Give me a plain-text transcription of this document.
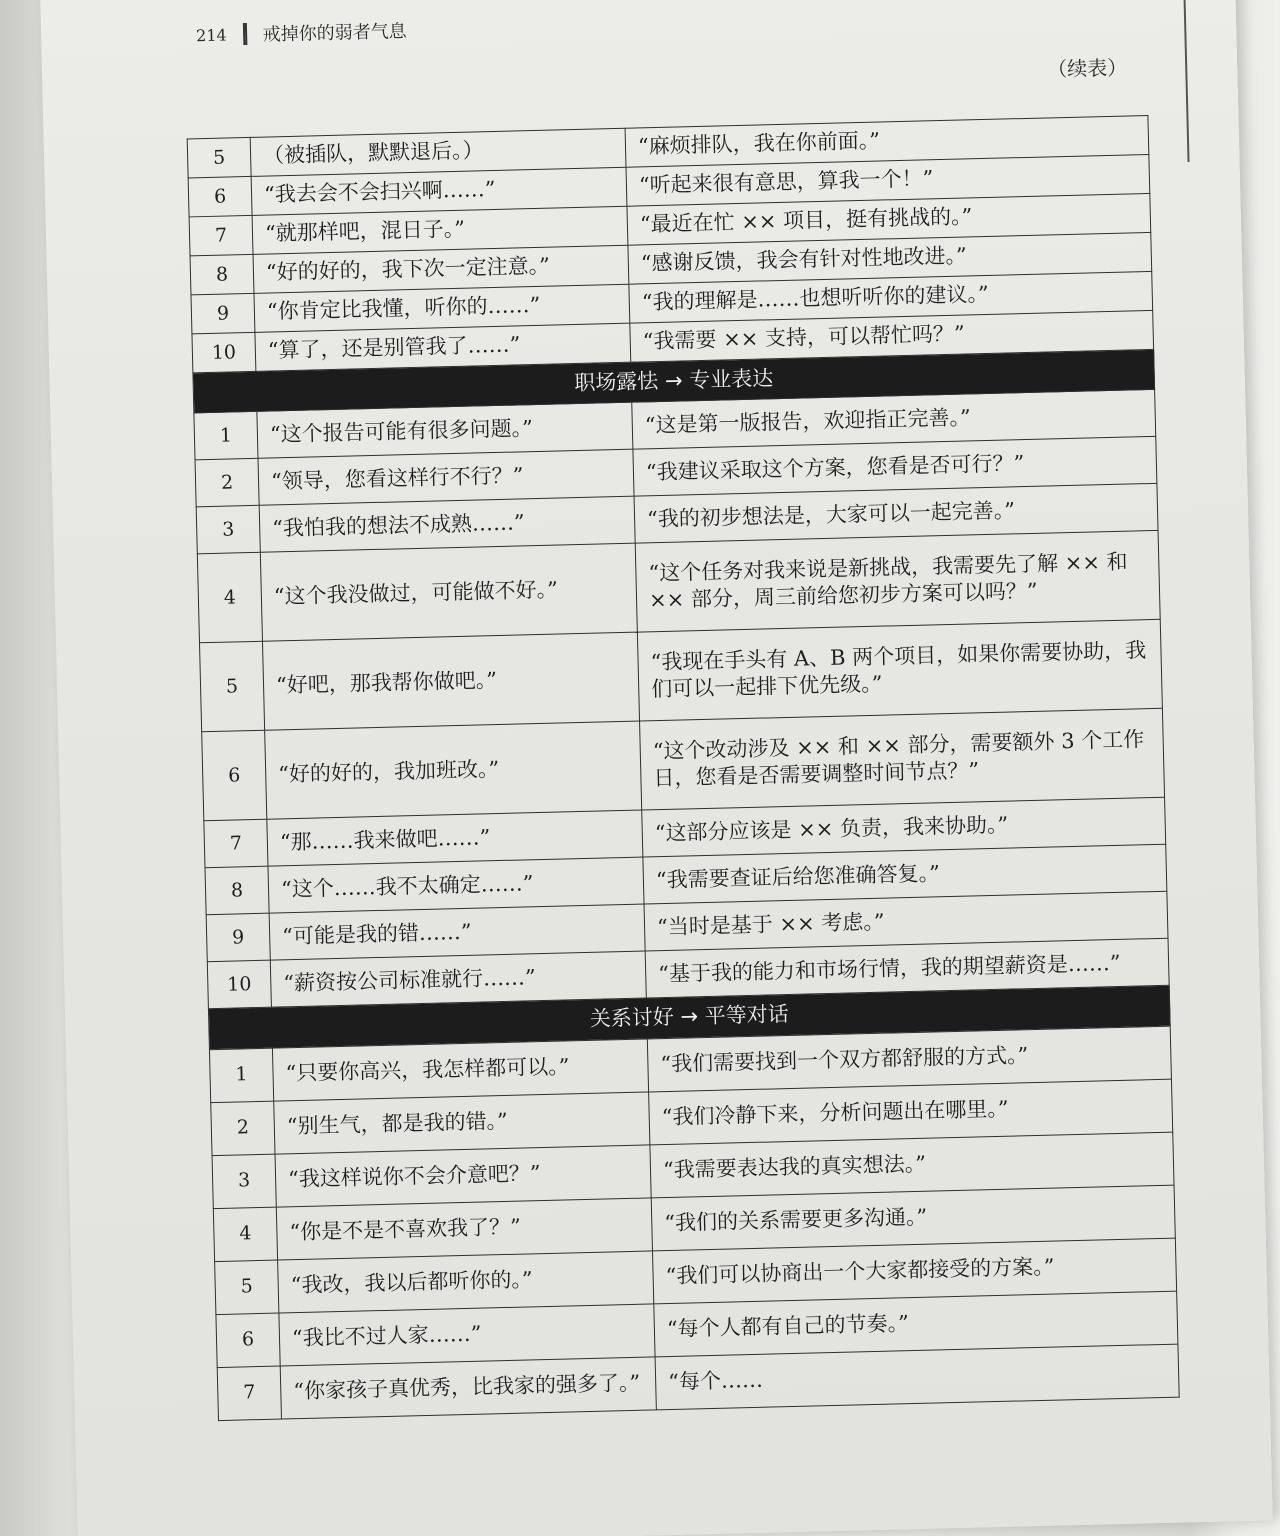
214 戒掉你的弱者气息
（续表）
5	（被插队，默默退后。）	“麻烦排队，我在你前面。”
6	“我去会不会扫兴啊……”	“听起来很有意思，算我一个！”
7	“就那样吧，混日子。”	“最近在忙 ×× 项目，挺有挑战的。”
8	“好的好的，我下次一定注意。”	“感谢反馈，我会有针对性地改进。”
9	“你肯定比我懂，听你的……”	“我的理解是……也想听听你的建议。”
10	“算了，还是别管我了……”	“我需要 ×× 支持，可以帮忙吗？”
职场露怯 → 专业表达		
1	“这个报告可能有很多问题。”	“这是第一版报告，欢迎指正完善。”
2	“领导，您看这样行不行？”	“我建议采取这个方案，您看是否可行？”
3	“我怕我的想法不成熟……”	“我的初步想法是，大家可以一起完善。”
4	“这个我没做过，可能做不好。”	“这个任务对我来说是新挑战，我需要先了解 ×× 和 ×× 部分，周三前给您初步方案可以吗？”
5	“好吧，那我帮你做吧。”	“我现在手头有 A、B 两个项目，如果你需要协助，我们可以一起排下优先级。”
6	“好的好的，我加班改。”	“这个改动涉及 ×× 和 ×× 部分，需要额外 3 个工作日，您看是否需要调整时间节点？”
7	“那……我来做吧……”	“这部分应该是 ×× 负责，我来协助。”
8	“这个……我不太确定……”	“我需要查证后给您准确答复。”
9	“可能是我的错……”	“当时是基于 ×× 考虑。”
10	“薪资按公司标准就行……”	“基于我的能力和市场行情，我的期望薪资是……”
关系讨好 → 平等对话		
1	“只要你高兴，我怎样都可以。”	“我们需要找到一个双方都舒服的方式。”
2	“别生气，都是我的错。”	“我们冷静下来，分析问题出在哪里。”
3	“我这样说你不会介意吧？”	“我需要表达我的真实想法。”
4	“你是不是不喜欢我了？”	“我们的关系需要更多沟通。”
5	“我改，我以后都听你的。”	“我们可以协商出一个大家都接受的方案。”
6	“我比不过人家……”	“每个人都有自己的节奏。”
7	“你家孩子真优秀，比我家的强多了。”	“每个……
